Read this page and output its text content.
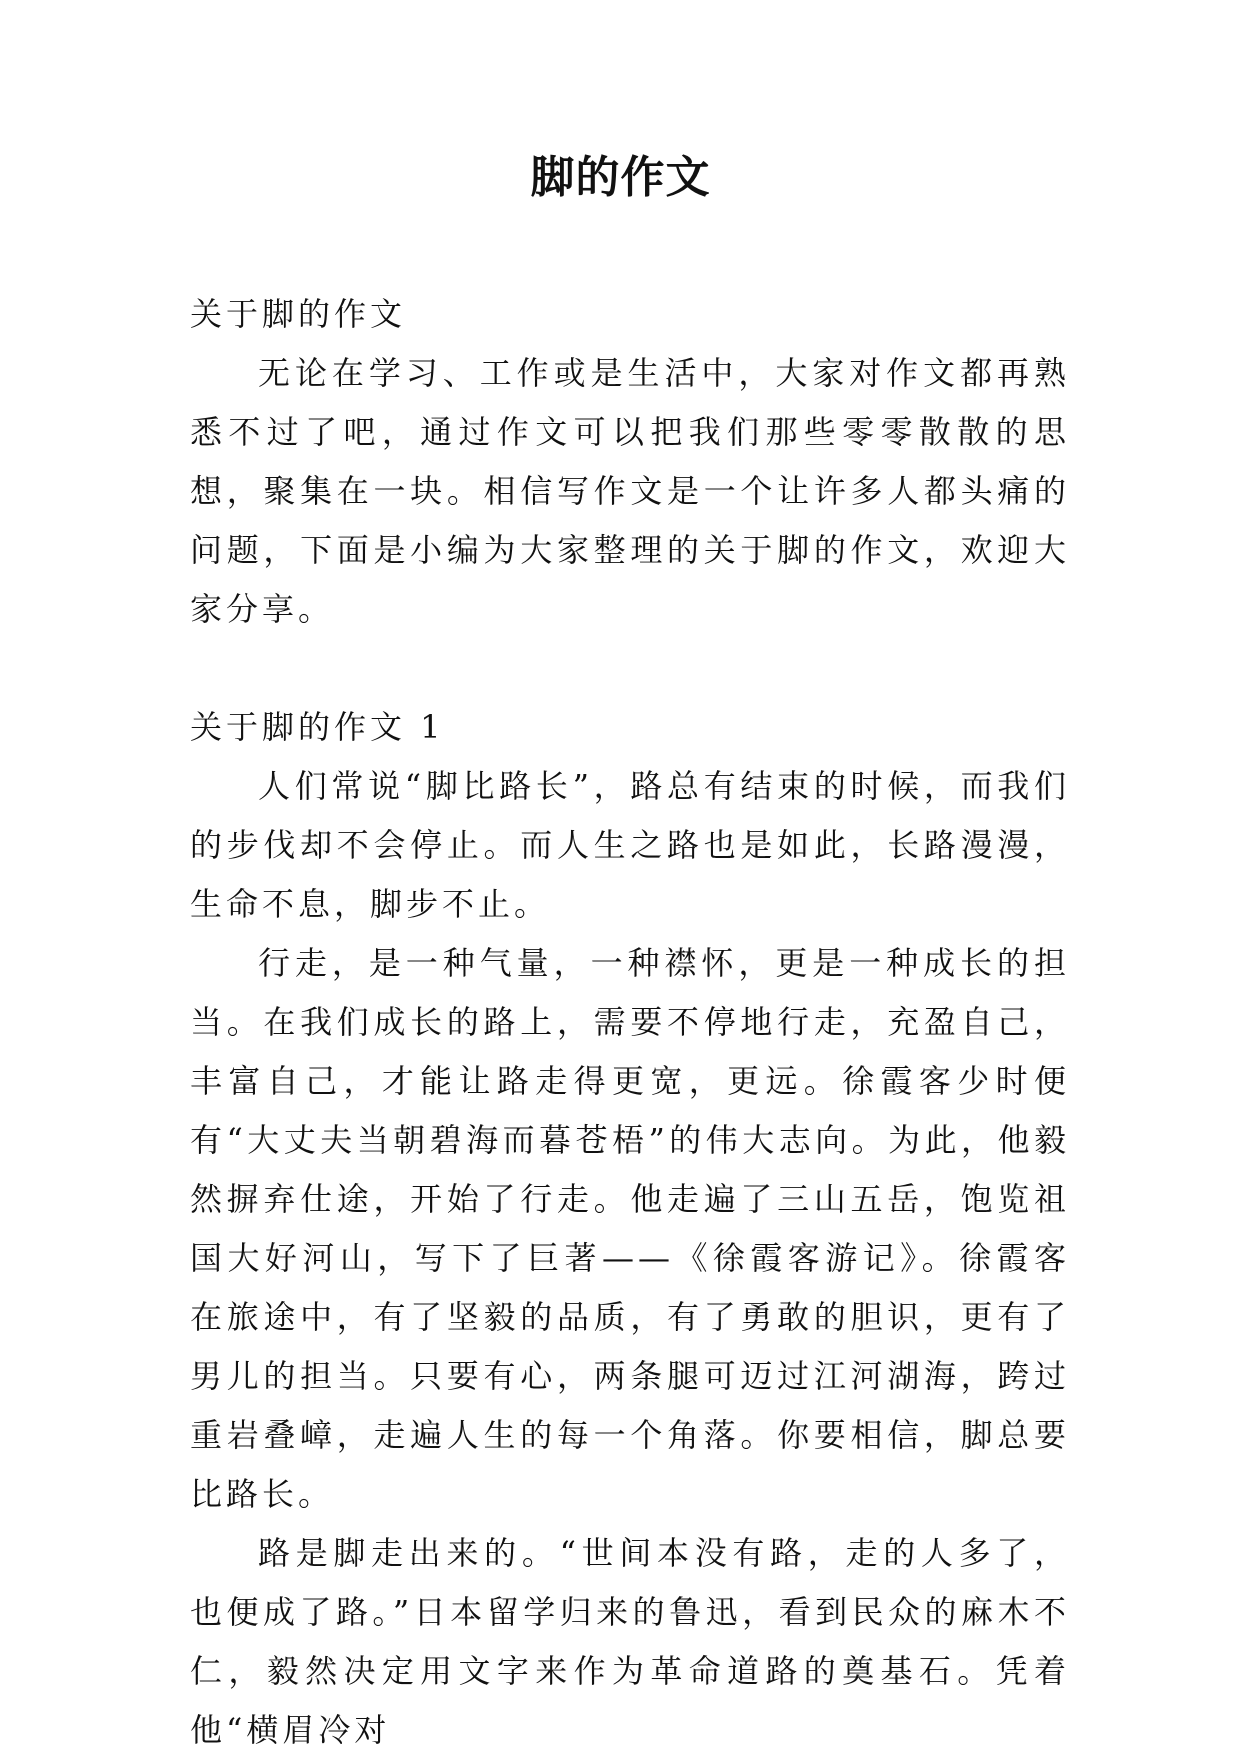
脚的作文

关于脚的作文

无论在学习、工作或是生活中，大家对作文都再熟悉不过了吧，通过作文可以把我们那些零零散散的思想，聚集在一块。相信写作文是一个让许多人都头痛的问题，下面是小编为大家整理的关于脚的作文，欢迎大家分享。

关于脚的作文 1

人们常说“脚比路长”，路总有结束的时候，而我们的步伐却不会停止。而人生之路也是如此，长路漫漫，生命不息，脚步不止。

行走，是一种气量，一种襟怀，更是一种成长的担当。在我们成长的路上，需要不停地行走，充盈自己，丰富自己，才能让路走得更宽，更远。徐霞客少时便有“大丈夫当朝碧海而暮苍梧”的伟大志向。为此，他毅然摒弃仕途，开始了行走。他走遍了三山五岳，饱览祖国大好河山，写下了巨著——《徐霞客游记》。徐霞客在旅途中，有了坚毅的品质，有了勇敢的胆识，更有了男儿的担当。只要有心，两条腿可迈过江河湖海，跨过重岩叠嶂，走遍人生的每一个角落。你要相信，脚总要比路长。

路是脚走出来的。“世间本没有路，走的人多了，也便成了路。”日本留学归来的鲁迅，看到民众的麻木不仁，毅然决定用文字来作为革命道路的奠基石。凭着他“横眉冷对
